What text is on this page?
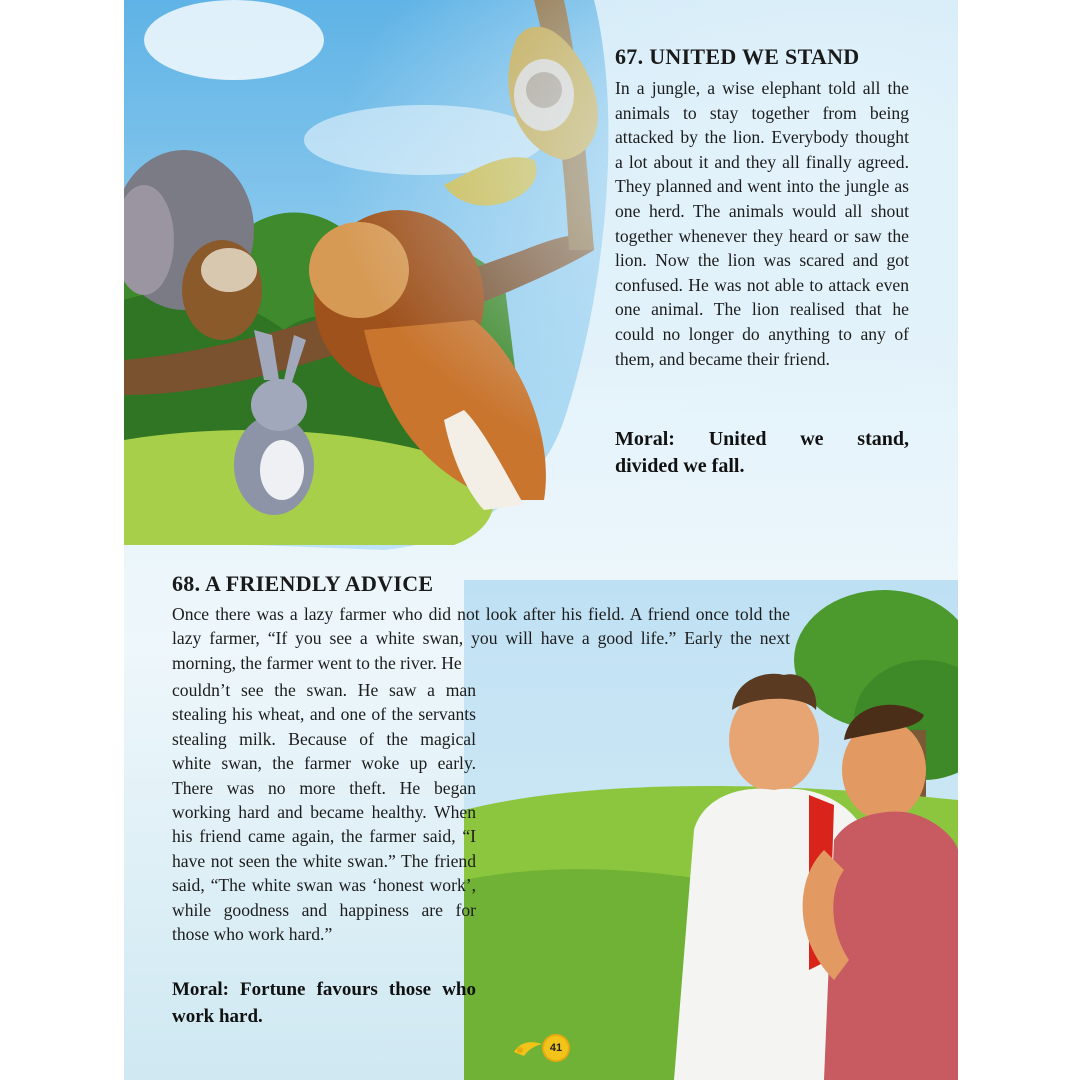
67. UNITED WE STAND

In a jungle, a wise elephant told all the animals to stay together from being attacked by the lion. Everybody thought a lot about it and they all finally agreed. They planned and went into the jungle as one herd. The animals would all shout together whenever they heard or saw the lion. Now the lion was scared and got confused. He was not able to attack even one animal. The lion realised that he could no longer do anything to any of them, and became their friend.

Moral: United we stand,
divided we fall.

68. A FRIENDLY ADVICE

Once there was a lazy farmer who did not look after his field. A friend once told the lazy farmer, “If you see a white swan, you will have a good life.” Early the next morning, the farmer went to the river. He

couldn’t see the swan. He saw a man stealing his wheat, and one of the servants stealing milk. Because of the magical white swan, the farmer woke up early. There was no more theft. He began working hard and became healthy. When his friend came again, the farmer said, “I have not seen the white swan.” The friend said, “The white swan was ‘honest work’, while goodness and happiness are for those who work hard.”

Moral: Fortune favours those who work hard.

41
